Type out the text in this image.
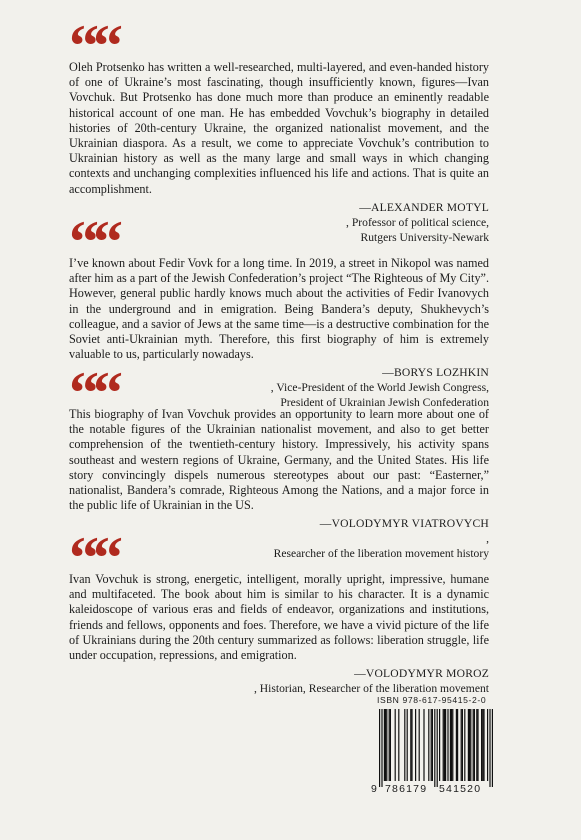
““

Oleh Protsenko has written a well-researched, multi-layered, and even-handed history of one of Ukraine’s most fascinating, though insufficiently known, figures—Ivan Vovchuk. But Protsenko has done much more than produce an eminently readable historical account of one man. He has embedded Vovchuk’s biography in detailed histories of 20th-century Ukraine, the organized nationalist movement, and the Ukrainian diaspora. As a result, we come to appreciate Vovchuk’s contribution to Ukrainian history as well as the many large and small ways in which changing contexts and unchanging complexities influenced his life and actions. That is quite an accomplishment.

—ALEXANDER MOTYL
, Professor of political science,
Rutgers University-Newark
““

I’ve known about Fedir Vovk for a long time. In 2019, a street in Nikopol was named after him as a part of the Jewish Confederation’s project “The Righteous of My City”. However, general public hardly knows much about the activities of Fedir Ivanovych in the underground and in emigration. Being Bandera’s deputy, Shukhevych’s colleague, and a savior of Jews at the same time—is a destructive combination for the Soviet anti-Ukrainian myth. Therefore, this first biography of him is extremely valuable to us, particularly nowadays.

—BORYS LOZHKIN
, Vice-President of the World Jewish Congress,
President of Ukrainian Jewish Confederation
““

This biography of Ivan Vovchuk provides an opportunity to learn more about one of the notable figures of the Ukrainian nationalist movement, and also to get better comprehension of the twentieth-century history. Impressively, his activity spans southeast and western regions of Ukraine, Germany, and the United States. His life story convincingly dispels numerous stereotypes about our past: “Easterner,” nationalist, Bandera’s comrade, Righteous Among the Nations, and a major force in the public life of Ukrainian in the US.

—VOLODYMYR VIATROVYCH
,
Researcher of the liberation movement history
““

Ivan Vovchuk is strong, energetic, intelligent, morally upright, impressive, humane and multifaceted. The book about him is similar to his character. It is a dynamic kaleidoscope of various eras and fields of endeavor, organizations and institutions, friends and fellows, opponents and foes. Therefore, we have a vivid picture of the life of Ukrainians during the 20th century summarized as follows: liberation struggle, life under occupation, repressions, and emigration.

—VOLODYMYR MOROZ
, Historian, Researcher of the liberation movement
ISBN 978-617-95415-2-0
9 786179 541520
